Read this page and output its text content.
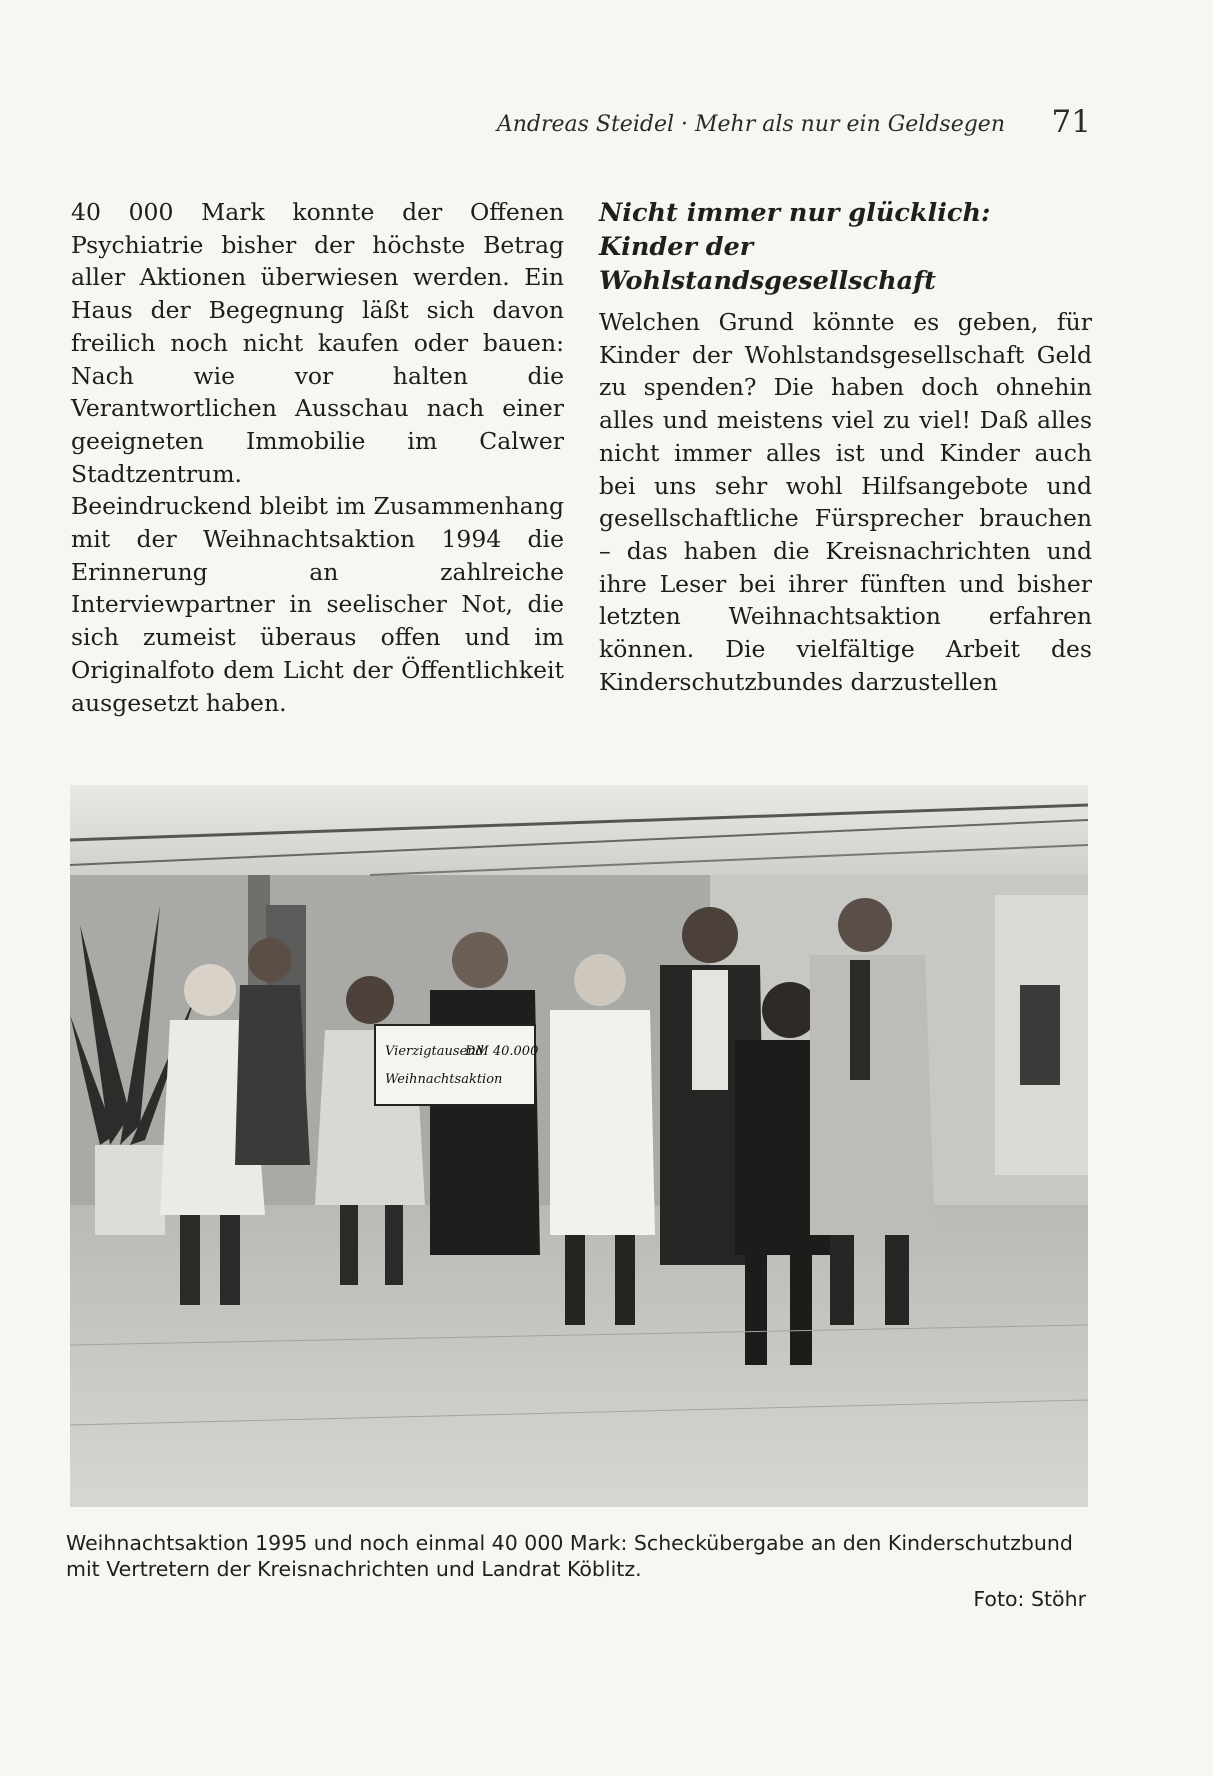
Andreas Steidel · Mehr als nur ein Geldsegen 71

40 000 Mark konnte der Offenen Psychiatrie bisher der höchste Betrag aller Aktionen überwiesen werden. Ein Haus der Begegnung läßt sich davon freilich noch nicht kaufen oder bauen: Nach wie vor halten die Verantwortlichen Ausschau nach einer geeigneten Immobilie im Calwer Stadtzentrum.

Beeindruckend bleibt im Zusammenhang mit der Weihnachtsaktion 1994 die Erinnerung an zahlreiche Interviewpartner in seelischer Not, die sich zumeist überaus offen und im Originalfoto dem Licht der Öffentlichkeit ausgesetzt haben.

Nicht immer nur glücklich:
Kinder der Wohlstandsgesellschaft

Welchen Grund könnte es geben, für Kinder der Wohlstandsgesellschaft Geld zu spenden? Die haben doch ohnehin alles und meistens viel zu viel! Daß alles nicht immer alles ist und Kinder auch bei uns sehr wohl Hilfsangebote und gesellschaftliche Fürsprecher brauchen – das haben die Kreisnachrichten und ihre Leser bei ihrer fünften und bisher letzten Weihnachtsaktion erfahren können. Die vielfältige Arbeit des Kinderschutzbundes darzustellen

Vierzigtausend
DM 40.000
Weihnachtsaktion

Weihnachtsaktion 1995 und noch einmal 40 000 Mark: Scheckübergabe an den Kinderschutzbund mit Vertretern der Kreisnachrichten und Landrat Köblitz.

Foto: Stöhr
